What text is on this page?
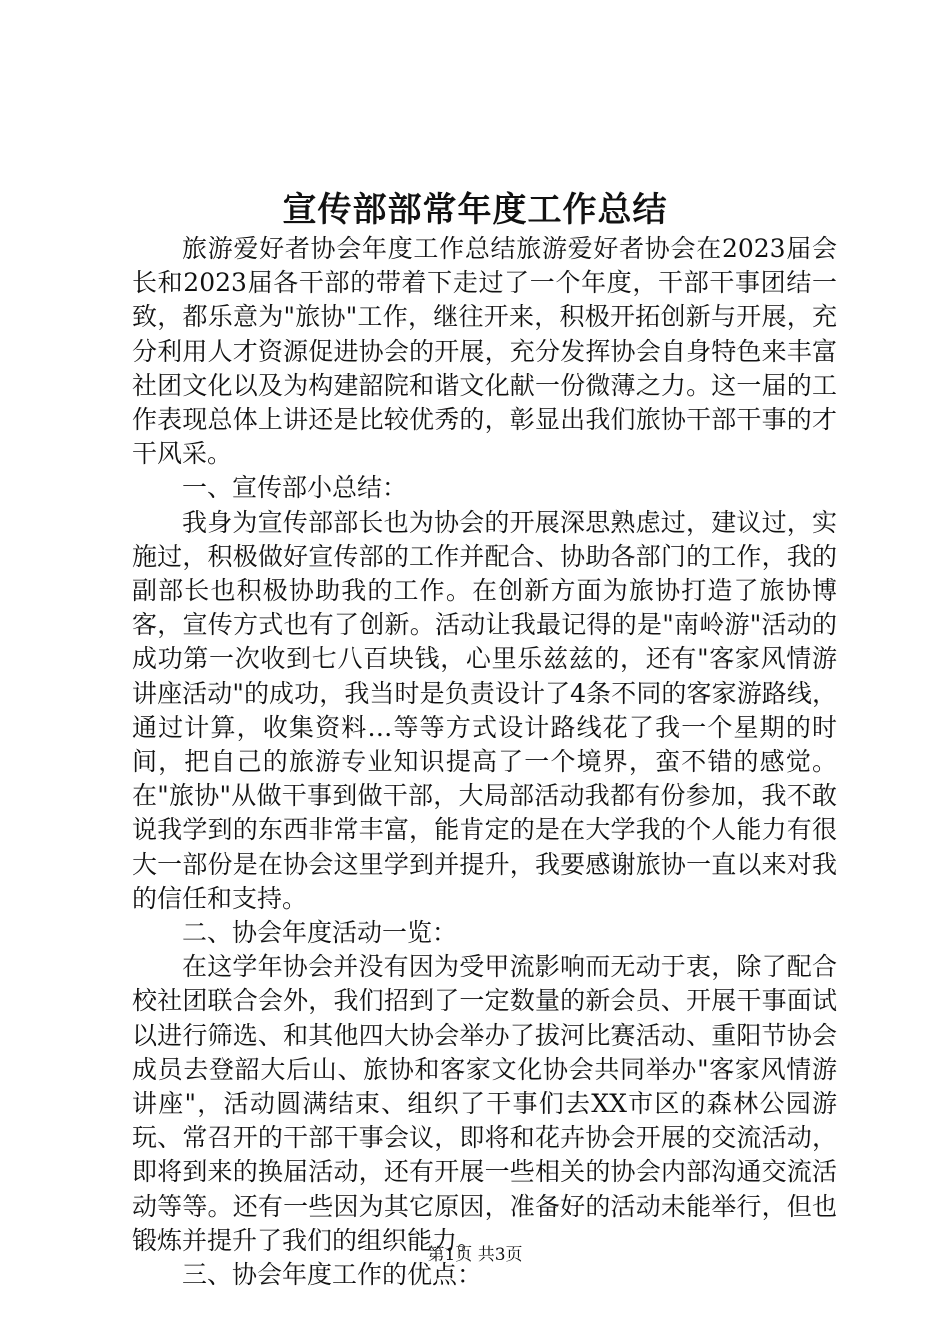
宣传部部常年度工作总结

旅游爱好者协会年度工作总结旅游爱好者协会在2023届会长和2023届各干部的带着下走过了一个年度，干部干事团结一致，都乐意为"旅协"工作，继往开来，积极开拓创新与开展，充分利用人才资源促进协会的开展，充分发挥协会自身特色来丰富社团文化以及为构建韶院和谐文化献一份微薄之力。这一届的工作表现总体上讲还是比较优秀的，彰显出我们旅协干部干事的才干风采。

一、宣传部小总结：

我身为宣传部部长也为协会的开展深思熟虑过，建议过，实施过，积极做好宣传部的工作并配合、协助各部门的工作，我的副部长也积极协助我的工作。在创新方面为旅协打造了旅协博客，宣传方式也有了创新。活动让我最记得的是"南岭游"活动的成功第一次收到七八百块钱，心里乐兹兹的，还有"客家风情游讲座活动"的成功，我当时是负责设计了4条不同的客家游路线，通过计算，收集资料…等等方式设计路线花了我一个星期的时间，把自己的旅游专业知识提高了一个境界，蛮不错的感觉。在"旅协"从做干事到做干部，大局部活动我都有份参加，我不敢说我学到的东西非常丰富，能肯定的是在大学我的个人能力有很大一部份是在协会这里学到并提升，我要感谢旅协一直以来对我的信任和支持。

二、协会年度活动一览：

在这学年协会并没有因为受甲流影响而无动于衷，除了配合校社团联合会外，我们招到了一定数量的新会员、开展干事面试以进行筛选、和其他四大协会举办了拔河比赛活动、重阳节协会成员去登韶大后山、旅协和客家文化协会共同举办"客家风情游讲座"，活动圆满结束、组织了干事们去XX市区的森林公园游玩、常召开的干部干事会议，即将和花卉协会开展的交流活动，即将到来的换届活动，还有开展一些相关的协会内部沟通交流活动等等。还有一些因为其它原因，准备好的活动未能举行，但也锻炼并提升了我们的组织能力。

三、协会年度工作的优点：

第1页 共3页
